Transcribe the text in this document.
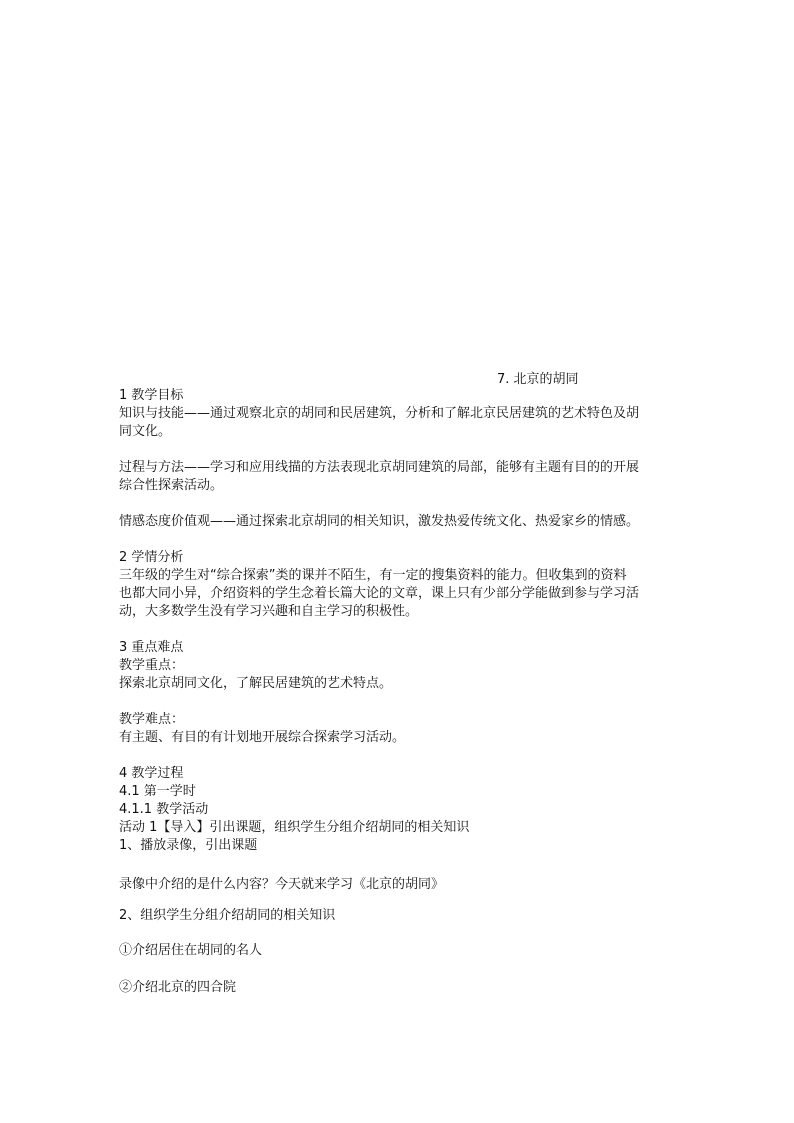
7. 北京的胡同
1 教学目标
知识与技能——通过观察北京的胡同和民居建筑，分析和了解北京民居建筑的艺术特色及胡
同文化。
过程与方法——学习和应用线描的方法表现北京胡同建筑的局部，能够有主题有目的的开展
综合性探索活动。
情感态度价值观——通过探索北京胡同的相关知识，激发热爱传统文化、热爱家乡的情感。
2 学情分析
三年级的学生对“综合探索”类的课并不陌生，有一定的搜集资料的能力。但收集到的资料
也都大同小异，介绍资料的学生念着长篇大论的文章，课上只有少部分学能做到参与学习活
动，大多数学生没有学习兴趣和自主学习的积极性。
3 重点难点
教学重点：
探索北京胡同文化，了解民居建筑的艺术特点。
教学难点：
有主题、有目的有计划地开展综合探索学习活动。
4 教学过程
4.1 第一学时
4.1.1 教学活动
活动 1【导入】引出课题，组织学生分组介绍胡同的相关知识
1、播放录像，引出课题
录像中介绍的是什么内容？今天就来学习《北京的胡同》
2、组织学生分组介绍胡同的相关知识
①介绍居住在胡同的名人
②介绍北京的四合院
